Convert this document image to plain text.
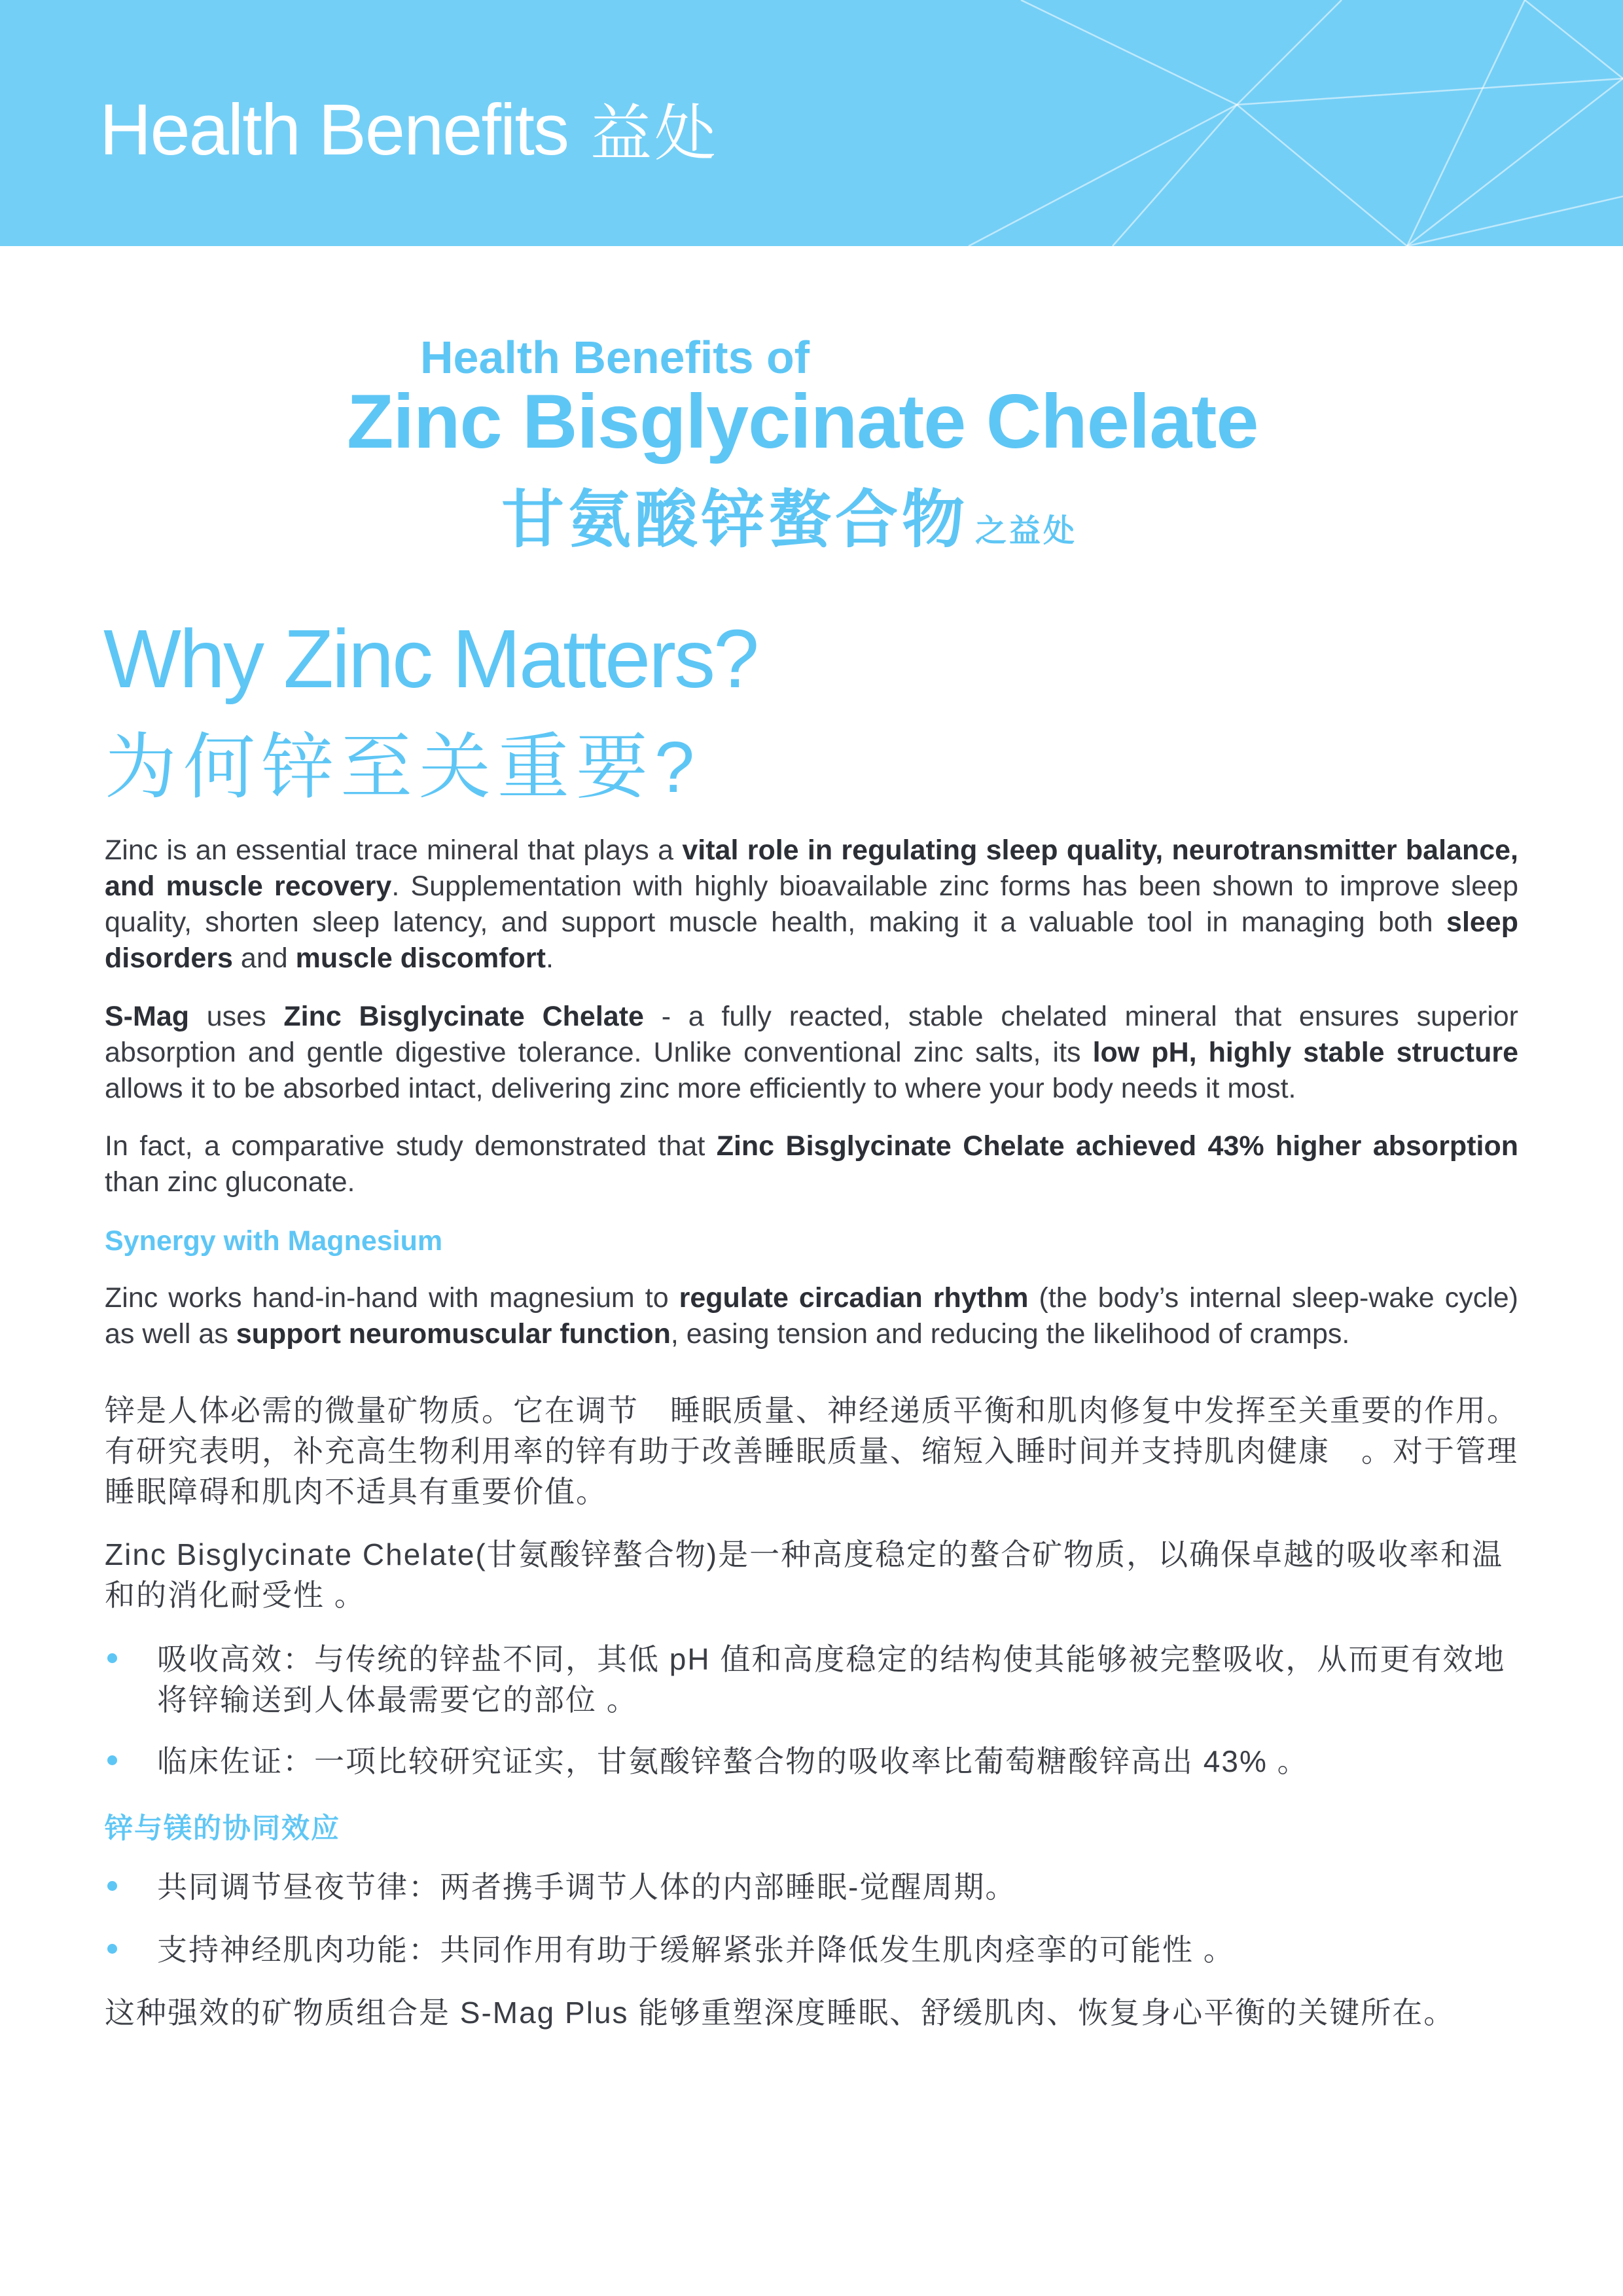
Health Benefits 益处
Health Benefits of
Zinc Bisglycinate Chelate
甘氨酸锌螯合物 之益处
Why Zinc Matters?
为何锌至关重要?
Zinc is an essential trace mineral that plays a vital role in regulating sleep quality, neurotransmitter balance, and muscle recovery. Supplementation with highly bioavailable zinc forms has been shown to improve sleep quality, shorten sleep latency, and support muscle health, making it a valuable tool in managing both sleep disorders and muscle discomfort.
S-Mag uses Zinc Bisglycinate Chelate - a fully reacted, stable chelated mineral that ensures superior absorption and gentle digestive tolerance. Unlike conventional zinc salts, its low pH, highly stable structure allows it to be absorbed intact, delivering zinc more efficiently to where your body needs it most.
In fact, a comparative study demonstrated that Zinc Bisglycinate Chelate achieved 43% higher absorption than zinc gluconate.
Synergy with Magnesium
Zinc works hand-in-hand with magnesium to regulate circadian rhythm (the body’s internal sleep-wake cycle) as well as support neuromuscular function, easing tension and reducing the likelihood of cramps.
锌是人体必需的微量矿物质。它在调节　睡眠质量、神经递质平衡和肌肉修复中发挥至关重要的作用。有研究表明，补充高生物利用率的锌有助于改善睡眠质量、缩短入睡时间并支持肌肉健康　。对于管理睡眠障碍和肌肉不适具有重要价值。
Zinc Bisglycinate Chelate(甘氨酸锌螯合物)是一种高度稳定的螯合矿物质，以确保卓越的吸收率和温和的消化耐受性 。
吸收高效：与传统的锌盐不同，其低 pH 值和高度稳定的结构使其能够被完整吸收，从而更有效地将锌输送到人体最需要它的部位 。
临床佐证：一项比较研究证实，甘氨酸锌螯合物的吸收率比葡萄糖酸锌高出 43% 。
锌与镁的协同效应
共同调节昼夜节律：两者携手调节人体的内部睡眠-觉醒周期。
支持神经肌肉功能：共同作用有助于缓解紧张并降低发生肌肉痉挛的可能性 。
这种强效的矿物质组合是 S-Mag Plus 能够重塑深度睡眠、舒缓肌肉、恢复身心平衡的关键所在。
